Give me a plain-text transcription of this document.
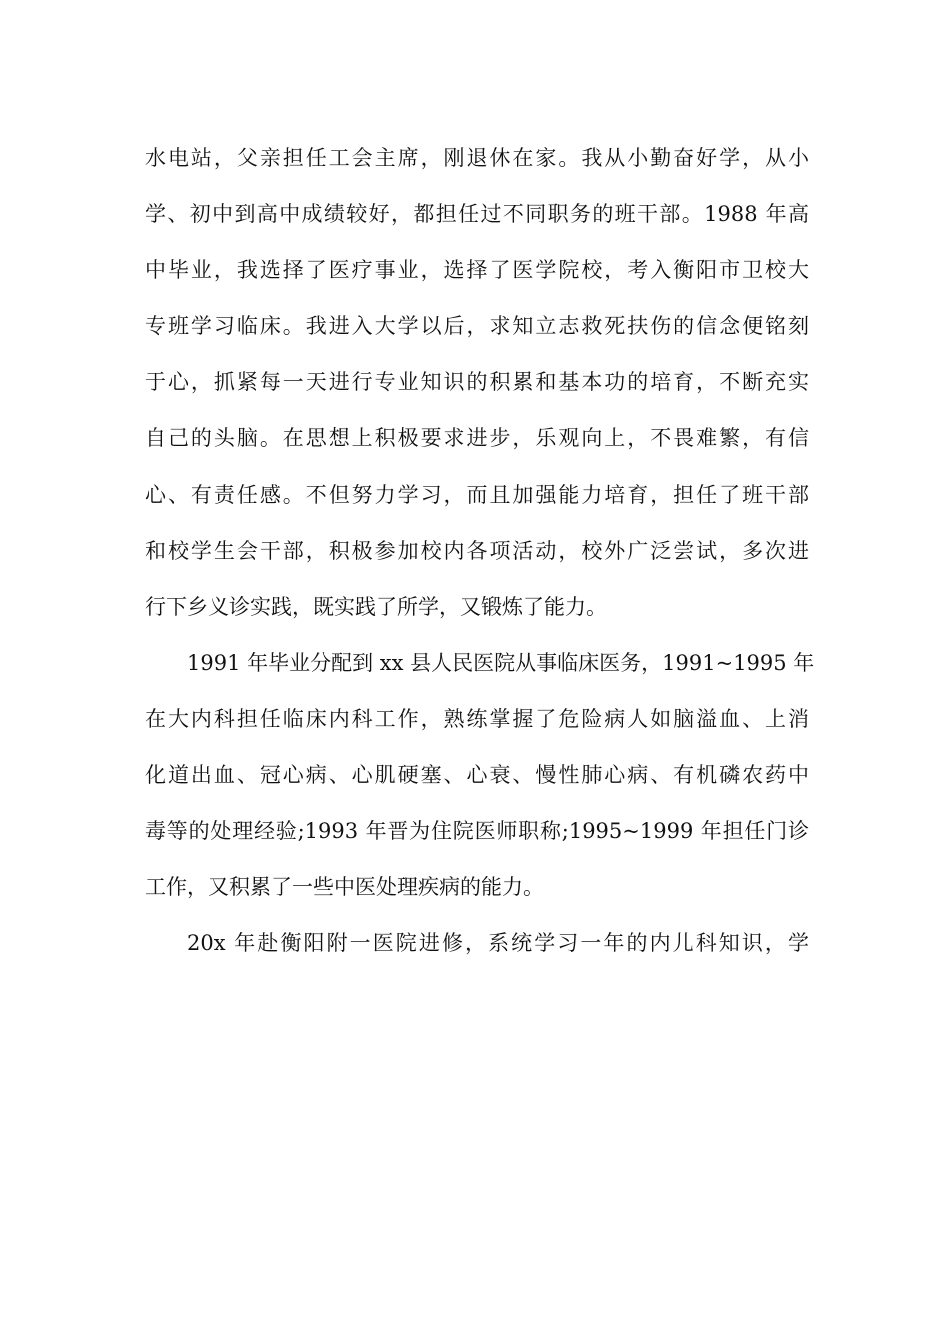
水电站，父亲担任工会主席，刚退休在家。我从小勤奋好学，从小
学、初中到高中成绩较好，都担任过不同职务的班干部。1988 年高
中毕业，我选择了医疗事业，选择了医学院校，考入衡阳市卫校大
专班学习临床。我进入大学以后，求知立志救死扶伤的信念便铭刻
于心，抓紧每一天进行专业知识的积累和基本功的培育，不断充实
自己的头脑。在思想上积极要求进步，乐观向上，不畏难繁，有信
心、有责任感。不但努力学习，而且加强能力培育，担任了班干部
和校学生会干部，积极参加校内各项活动，校外广泛尝试，多次进
行下乡义诊实践，既实践了所学，又锻炼了能力。
1991 年毕业分配到 xx 县人民医院从事临床医务，1991~1995 年
在大内科担任临床内科工作，熟练掌握了危险病人如脑溢血、上消
化道出血、冠心病、心肌硬塞、心衰、慢性肺心病、有机磷农药中
毒等的处理经验;1993 年晋为住院医师职称;1995~1999 年担任门诊
工作，又积累了一些中医处理疾病的能力。
20x 年赴衡阳附一医院进修，系统学习一年的内儿科知识，学
